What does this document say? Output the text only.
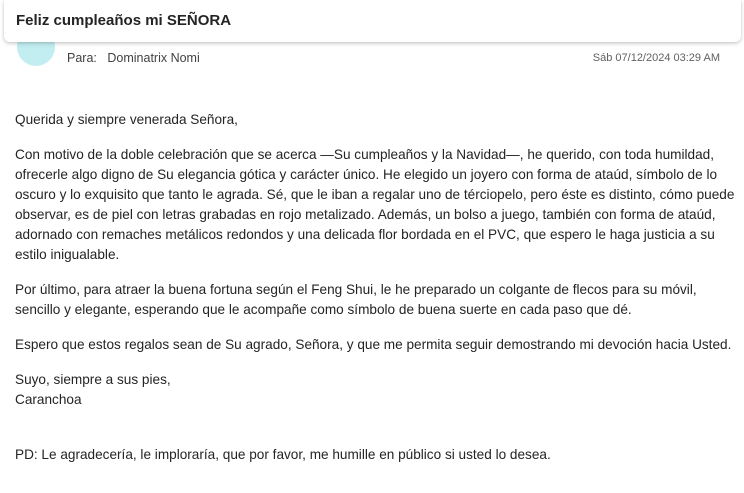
Feliz cumpleaños mi SEÑORA
Para: Dominatrix Nomi	Sáb 07/12/2024 03:29 AM

Querida y siempre venerada Señora,

Con motivo de la doble celebración que se acerca —Su cumpleaños y la Navidad—, he querido, con toda humildad, ofrecerle algo digno de Su elegancia gótica y carácter único. He elegido un joyero con forma de ataúd, símbolo de lo oscuro y lo exquisito que tanto le agrada. Sé, que le iban a regalar uno de térciopelo, pero éste es distinto, cómo puede observar, es de piel con letras grabadas en rojo metalizado. Además, un bolso a juego, también con forma de ataúd, adornado con remaches metálicos redondos y una delicada flor bordada en el PVC, que espero le haga justicia a su estilo inigualable.

Por último, para atraer la buena fortuna según el Feng Shui, le he preparado un colgante de flecos para su móvil, sencillo y elegante, esperando que le acompañe como símbolo de buena suerte en cada paso que dé.

Espero que estos regalos sean de Su agrado, Señora, y que me permita seguir demostrando mi devoción hacia Usted.

Suyo, siempre a sus pies,

Caranchoa

PD: Le agradecería, le imploraría, que por favor, me humille en público si usted lo desea.
